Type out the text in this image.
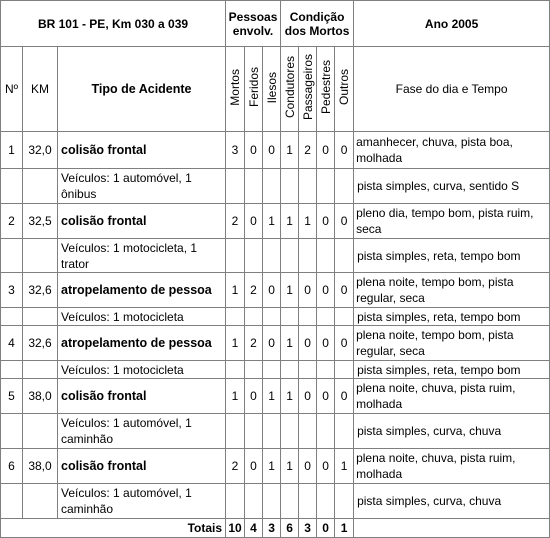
BR 101 - PE, Km 030 a 039			Pessoas envolv.			Condição dos Mortos				Ano 2005
Nº	KM	Tipo de Acidente	Mortos	Feridos	Ilesos	Condutores	Passageiros	Pedestres	Outros	Fase do dia e Tempo
1	32,0	colisão frontal	3	0	0	1	2	0	0	amanhecer, chuva, pista boa, molhada
		Veículos: 1 automóvel, 1 ônibus								pista simples, curva, sentido S
2	32,5	colisão frontal	2	0	1	1	1	0	0	pleno dia, tempo bom, pista ruim, seca
		Veículos: 1 motocicleta, 1 trator								pista simples, reta, tempo bom
3	32,6	atropelamento de pessoa	1	2	0	1	0	0	0	plena noite, tempo bom, pista regular, seca
		Veículos: 1 motocicleta								pista simples, reta, tempo bom
4	32,6	atropelamento de pessoa	1	2	0	1	0	0	0	plena noite, tempo bom, pista regular, seca
		Veículos: 1 motocicleta								pista simples, reta, tempo bom
5	38,0	colisão frontal	1	0	1	1	0	0	0	plena noite, chuva, pista ruim, molhada
		Veículos: 1 automóvel, 1 caminhão								pista simples, curva, chuva
6	38,0	colisão frontal	2	0	1	1	0	0	1	plena noite, chuva, pista ruim, molhada
		Veículos: 1 automóvel, 1 caminhão								pista simples, curva, chuva
Totais			10	4	3	6	3	0	1	
